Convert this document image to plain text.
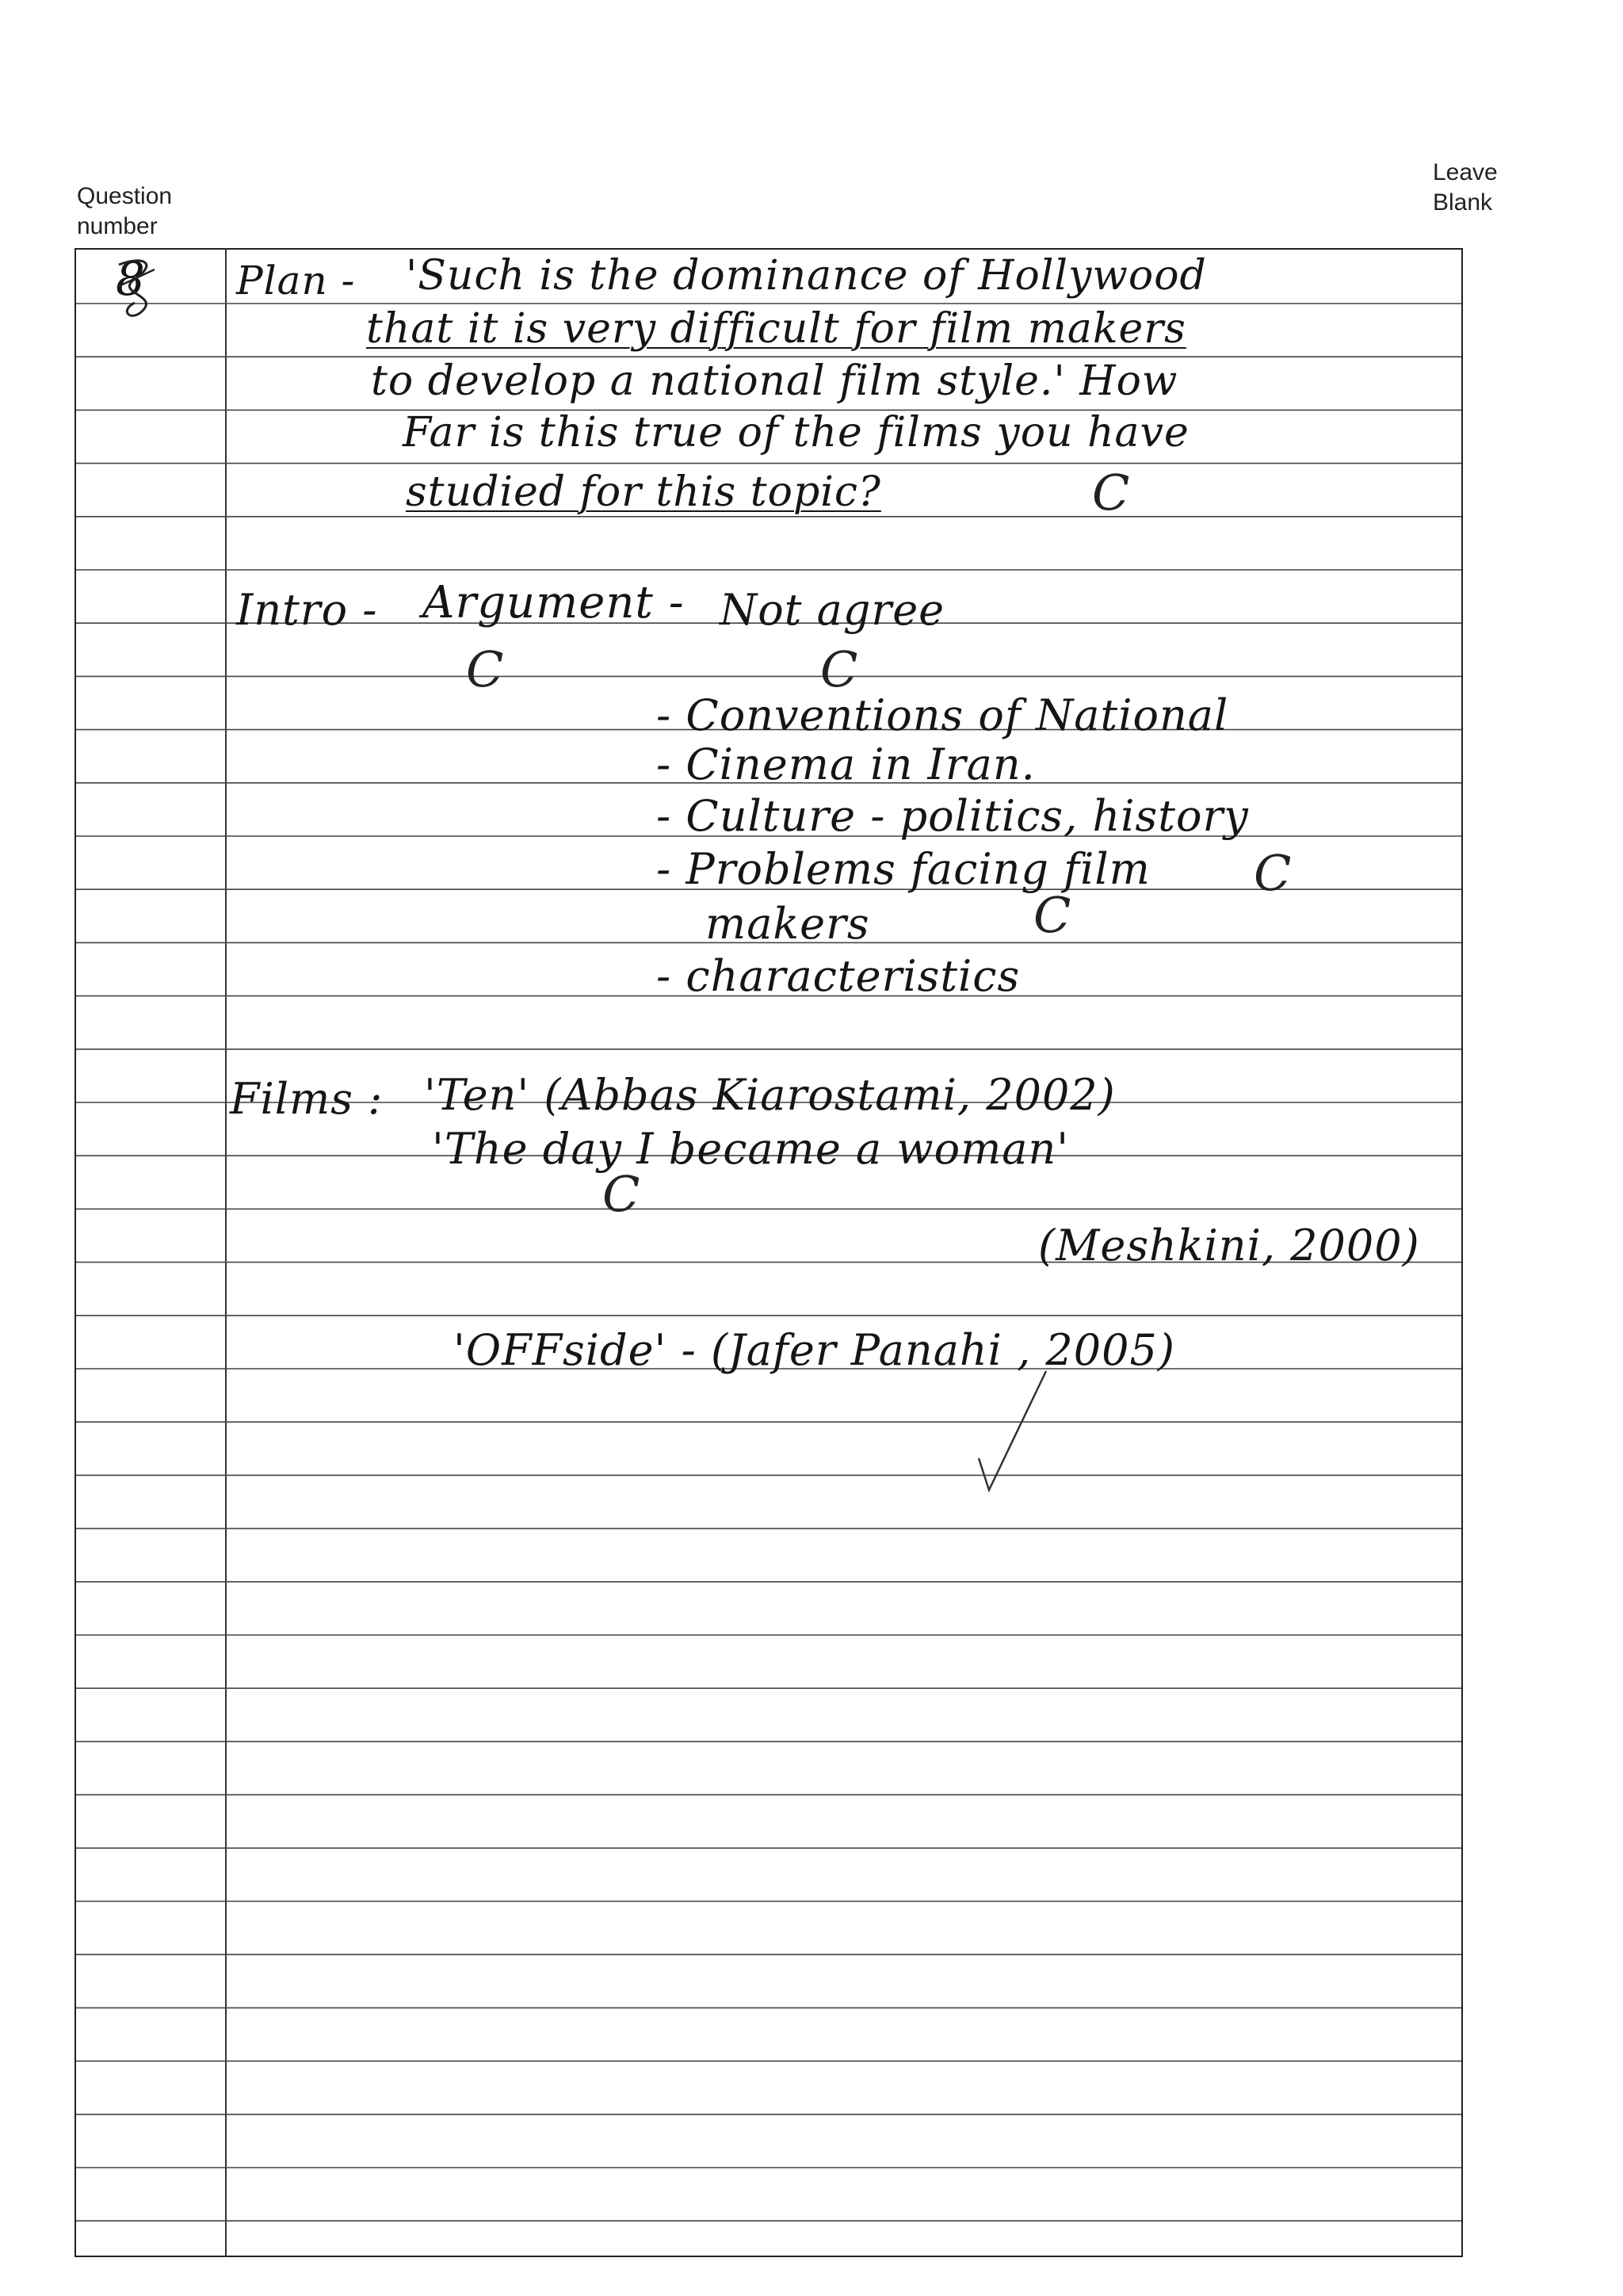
Question
number
Leave
Blank
8 Plan - 'Such is the dominance of Hollywood
that it is very difficult for film makers
to develop a national film style.' How
Far is this true of the films you have
studied for this topic?	C
Intro - Argument - Not agree
C	C
- Conventions of National
- Cinema in Iran.
- Culture - politics, history
- Problems facing film C
makers	C
- characteristics
Films : 'Ten' (Abbas Kiarostami, 2002)
'The day I became a woman'
C
(Meshkini, 2000)
'OFFside' - (Jafer Panahi , 2005)
